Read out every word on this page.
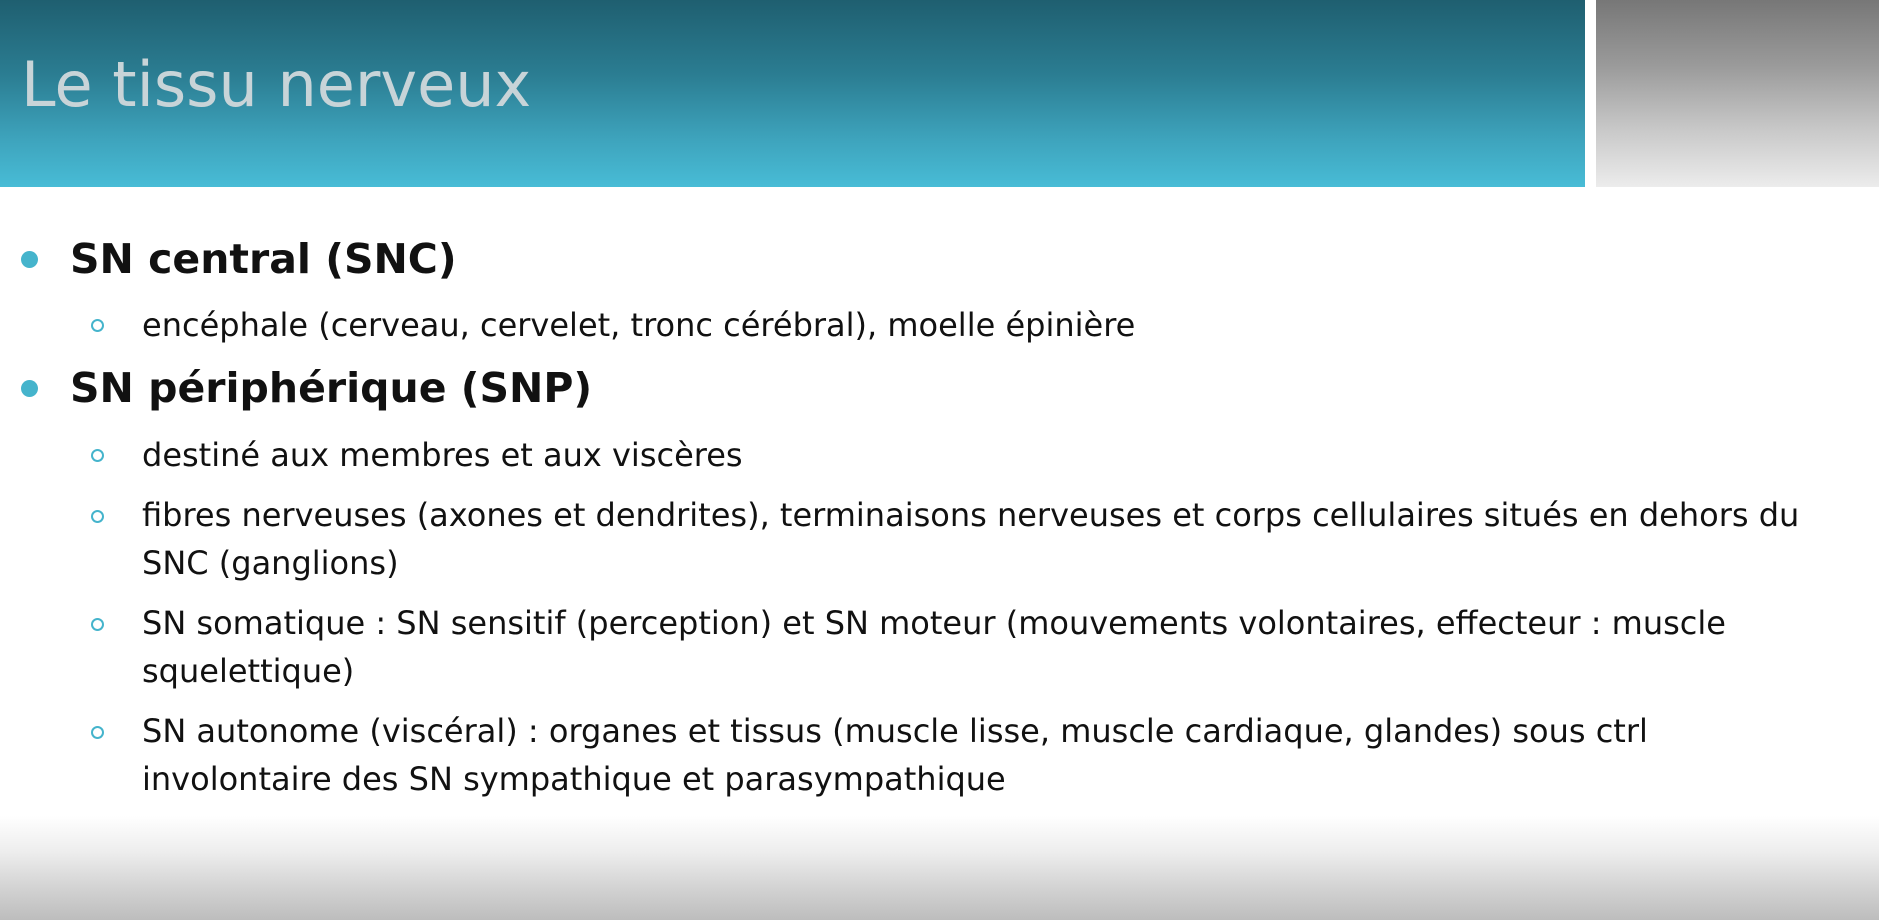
Le tissu nerveux
SN central (SNC)
encéphale (cerveau, cervelet, tronc cérébral), moelle épinière
SN périphérique (SNP)
destiné aux membres et aux viscères
fibres nerveuses (axones et dendrites), terminaisons nerveuses et corps cellulaires situés en dehors du SNC (ganglions)
SN somatique : SN sensitif (perception) et SN moteur (mouvements volontaires, effecteur : muscle squelettique)
SN autonome (viscéral) : organes et tissus (muscle lisse, muscle cardiaque, glandes) sous ctrl involontaire des SN sympathique et parasympathique
